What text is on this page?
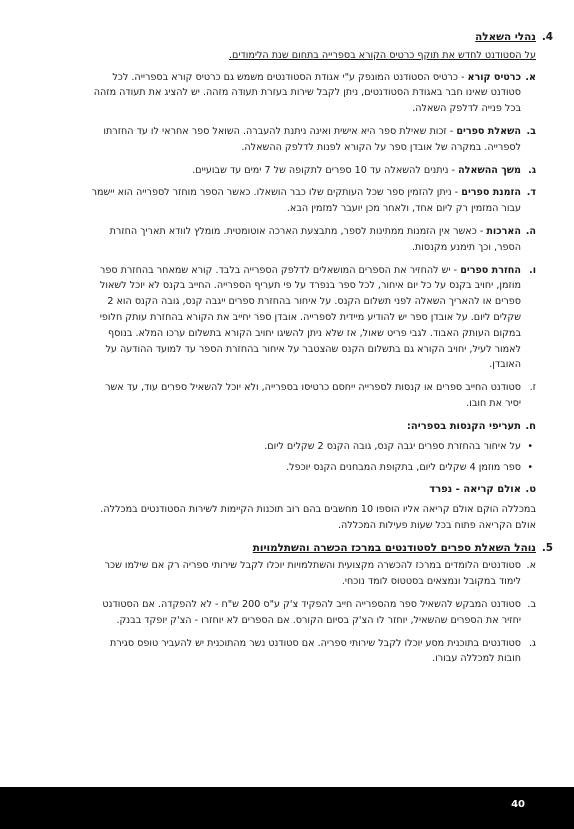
4.
נהלי השאלה
על הסטודנט לחדש את תוקף כרטיס הקורא בספרייה בתחום שנת הלימודים.
א.
כרטיס קורא - כרטיס הסטודנט המונפק ע"י אגודת הסטודנטים משמש גם כרטיס קורא בספרייה. לכל סטודנט שאינו חבר באגודת הסטודנטים, ניתן לקבל שירות בעזרת תעודה מזהה. יש להציג את תעודה מזהה בכל פנייה לדלפק השאלה.
ב.
השאלת ספרים - זכות שאילת ספר היא אישית ואינה ניתנת להעברה. השואל ספר אחראי לו עד החזרתו לספרייה. במקרה של אובדן ספר על הקורא לפנות לדלפק ההשאלה.
ג.
משך ההשאלה - ניתנים להשאלה עד 10 ספרים לתקופה של 7 ימים עד שבועיים.
ד.
הזמנת ספרים - ניתן להזמין ספר שכל העותקים שלו כבר הושאלו. כאשר הספר מוחזר לספרייה הוא יישמר עבור המזמין רק ליום אחד, ולאחר מכן יועבר למזמין הבא.
ה.
הארכות - כאשר אין הזמנות ממתינות לספר, מתבצעת הארכה אוטומטית. מומלץ לוודא תאריך החזרת הספר, וכך תימנע מקנסות.
ו.
החזרת ספרים - יש להחזיר את הספרים המושאלים לדלפק הספרייה בלבד. קורא שמאחר בהחזרת ספר מוזמן, יחויב בקנס על כל יום איחור, לכל ספר בנפרד על פי תעריף הספרייה. החייב בקנס לא יוכל לשאול ספרים או להאריך השאלה לפני תשלום הקנס. על איחור בהחזרת ספרים ייגבה קנס, גובה הקנס הוא 2 שקלים ליום. על אובדן ספר יש להודיע מיידית לספרייה. אובדן ספר יחייב את הקורא בהחזרת עותק חלופי במקום העותק האבוד. לגבי פריט שאול, אז שלא ניתן להשיגו יחויב הקורא בתשלום ערכו המלא. בנוסף לאמור לעיל, יחויב הקורא גם בתשלום הקנס שהצטבר על איחור בהחזרת הספר עד למועד ההודעה על האובדן.
ז.
סטודנט החייב ספרים או קנסות לספרייה ייחסם כרטיסו בספרייה, ולא יוכל להשאיל ספרים עוד, עד אשר יסיר את חובו.
ח.
תעריפי הקנסות בספריה:
•
על איחור בהחזרת ספרים יגבה קנס, גובה הקנס 2 שקלים ליום.
•
ספר מוזמן 4 שקלים ליום, בתקופת המבחנים הקנס יוכפל.
ט.
אולם קריאה - נפרד
במכללה הוקם אולם קריאה אליו הוספו 10 מחשבים בהם רוב תוכנות הקיימות לשירות הסטודנטים במכללה. אולם הקריאה פתוח בכל שעות פעילות המכללה.
5.
נוהל השאלת ספרים לסטודנטים במרכז הכשרה והשתלמויות
א.
סטודנטים הלומדים במרכז להכשרה מקצועית והשתלמויות יוכלו לקבל שירותי ספריה רק אם שילמו שכר לימוד במקובל ונמצאים בסטטוס לומד נוכחי.
ב.
סטודנט המבקש להשאיל ספר מהספרייה חייב להפקיד צ'ק ע"ס 200 ש"ח - לא להפקדה. אם הסטודנט יחזיר את הספרים שהשאיל, יוחזר לו הצ'ק בסיום הקורס. אם הספרים לא יוחזרו - הצ'ק יופקד בבנק.
ג.
סטודנטים בתוכנית מסע יוכלו לקבל שירותי ספריה. אם סטודנט נשר מהתוכנית יש להעביר טופס סגירת חובות למכללה עבורו.
40
